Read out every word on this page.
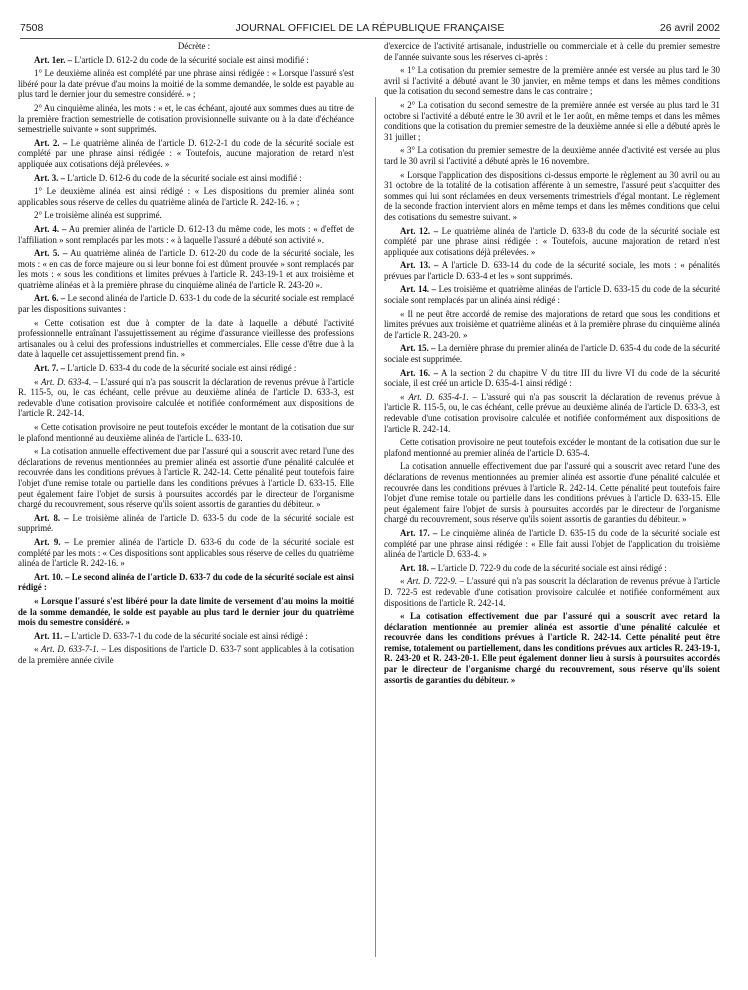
7508	JOURNAL OFFICIEL DE LA RÉPUBLIQUE FRANÇAISE	26 avril 2002

Décrète :

Art. 1er. – L'article D. 612-2 du code de la sécurité sociale est ainsi modifié :

1° Le deuxième alinéa est complété par une phrase ainsi rédigée : « Lorsque l'assuré s'est libéré pour la date prévue d'au moins la moitié de la somme demandée, le solde est payable au plus tard le dernier jour du semestre considéré. » ;

2° Au cinquième alinéa, les mots : « et, le cas échéant, ajouté aux sommes dues au titre de la première fraction semestrielle de cotisation provisionnelle suivante ou à la date d'échéance semestrielle suivante » sont supprimés.

Art. 2. – Le quatrième alinéa de l'article D. 612-2-1 du code de la sécurité sociale est complété par une phrase ainsi rédigée : « Toutefois, aucune majoration de retard n'est appliquée aux cotisations déjà prélevées. »

Art. 3. – L'article D. 612-6 du code de la sécurité sociale est ainsi modifié :

1° Le deuxième alinéa est ainsi rédigé : « Les dispositions du premier alinéa sont applicables sous réserve de celles du quatrième alinéa de l'article R. 242-16. » ;

2° Le troisième alinéa est supprimé.

Art. 4. – Au premier alinéa de l'article D. 612-13 du même code, les mots : « d'effet de l'affiliation » sont remplacés par les mots : « à laquelle l'assuré a débuté son activité ».

Art. 5. – Au quatrième alinéa de l'article D. 612-20 du code de la sécurité sociale, les mots : « en cas de force majeure ou si leur bonne foi est dûment prouvée » sont remplacés par les mots : « sous les conditions et limites prévues à l'article R. 243-19-1 et aux troisième et quatrième alinéas et à la première phrase du cinquième alinéa de l'article R. 243-20 ».

Art. 6. – Le second alinéa de l'article D. 633-1 du code de la sécurité sociale est remplacé par les dispositions suivantes :

« Cette cotisation est due à compter de la date à laquelle a débuté l'activité professionnelle entraînant l'assujettissement au régime d'assurance vieillesse des professions artisanales ou à celui des professions industrielles et commerciales. Elle cesse d'être due à la date à laquelle cet assujettissement prend fin. »

Art. 7. – L'article D. 633-4 du code de la sécurité sociale est ainsi rédigé :

« Art. D. 633-4. – L'assuré qui n'a pas souscrit la déclaration de revenus prévue à l'article R. 115-5, ou, le cas échéant, celle prévue au deuxième alinéa de l'article D. 633-3, est redevable d'une cotisation provisoire calculée et notifiée conformément aux dispositions de l'article R. 242-14.

« Cette cotisation provisoire ne peut toutefois excéder le montant de la cotisation due sur le plafond mentionné au deuxième alinéa de l'article L. 633-10.

« La cotisation annuelle effectivement due par l'assuré qui a souscrit avec retard l'une des déclarations de revenus mentionnées au premier alinéa est assortie d'une pénalité calculée et recouvrée dans les conditions prévues à l'article R. 242-14. Cette pénalité peut toutefois faire l'objet d'une remise totale ou partielle dans les conditions prévues à l'article D. 633-15. Elle peut également faire l'objet de sursis à poursuites accordés par le directeur de l'organisme chargé du recouvrement, sous réserve qu'ils soient assortis de garanties du débiteur. »

Art. 8. – Le troisième alinéa de l'article D. 633-5 du code de la sécurité sociale est supprimé.

Art. 9. – Le premier alinéa de l'article D. 633-6 du code de la sécurité sociale est complété par les mots : « Ces dispositions sont applicables sous réserve de celles du quatrième alinéa de l'article R. 242-16. »

Art. 10. – Le second alinéa de l'article D. 633-7 du code de la sécurité sociale est ainsi rédigé :

« Lorsque l'assuré s'est libéré pour la date limite de versement d'au moins la moitié de la somme demandée, le solde est payable au plus tard le dernier jour du quatrième mois du semestre considéré. »

Art. 11. – L'article D. 633-7-1 du code de la sécurité sociale est ainsi rédigé :

« Art. D. 633-7-1. – Les dispositions de l'article D. 633-7 sont applicables à la cotisation de la première année civile

d'exercice de l'activité artisanale, industrielle ou commerciale et à celle du premier semestre de l'année suivante sous les réserves ci-après :

« 1° La cotisation du premier semestre de la première année est versée au plus tard le 30 avril si l'activité a débuté avant le 30 janvier, en même temps et dans les mêmes conditions que la cotisation du second semestre dans le cas contraire ;

« 2° La cotisation du second semestre de la première année est versée au plus tard le 31 octobre si l'activité a débuté entre le 30 avril et le 1er août, en même temps et dans les mêmes conditions que la cotisation du premier semestre de la deuxième année si elle a débuté après le 31 juillet ;

« 3° La cotisation du premier semestre de la deuxième année d'activité est versée au plus tard le 30 avril si l'activité a débuté après le 16 novembre.

« Lorsque l'application des dispositions ci-dessus emporte le règlement au 30 avril ou au 31 octobre de la totalité de la cotisation afférente à un semestre, l'assuré peut s'acquitter des sommes qui lui sont réclamées en deux versements trimestriels d'égal montant. Le règlement de la seconde fraction intervient alors en même temps et dans les mêmes conditions que celui des cotisations du semestre suivant. »

Art. 12. – Le quatrième alinéa de l'article D. 633-8 du code de la sécurité sociale est complété par une phrase ainsi rédigée : « Toutefois, aucune majoration de retard n'est appliquée aux cotisations déjà prélevées. »

Art. 13. – A l'article D. 633-14 du code de la sécurité sociale, les mots : « pénalités prévues par l'article D. 633-4 et les » sont supprimés.

Art. 14. – Les troisième et quatrième alinéas de l'article D. 633-15 du code de la sécurité sociale sont remplacés par un alinéa ainsi rédigé :

« Il ne peut être accordé de remise des majorations de retard que sous les conditions et limites prévues aux troisième et quatrième alinéas et à la première phrase du cinquième alinéa de l'article R. 243-20. »

Art. 15. – La dernière phrase du premier alinéa de l'article D. 635-4 du code de la sécurité sociale est supprimée.

Art. 16. – A la section 2 du chapitre V du titre III du livre VI du code de la sécurité sociale, il est créé un article D. 635-4-1 ainsi rédigé :

« Art. D. 635-4-1. – L'assuré qui n'a pas souscrit la déclaration de revenus prévue à l'article R. 115-5, ou, le cas échéant, celle prévue au deuxième alinéa de l'article D. 633-3, est redevable d'une cotisation provisoire calculée et notifiée conformément aux dispositions de l'article R. 242-14.

Cette cotisation provisoire ne peut toutefois excéder le montant de la cotisation due sur le plafond mentionné au premier alinéa de l'article D. 635-4.

La cotisation annuelle effectivement due par l'assuré qui a souscrit avec retard l'une des déclarations de revenus mentionnées au premier alinéa est assortie d'une pénalité calculée et recouvrée dans les conditions prévues à l'article R. 242-14. Cette pénalité peut toutefois faire l'objet d'une remise totale ou partielle dans les conditions prévues à l'article D. 633-15. Elle peut également faire l'objet de sursis à poursuites accordés par le directeur de l'organisme chargé du recouvrement, sous réserve qu'ils soient assortis de garanties du débiteur. »

Art. 17. – Le cinquième alinéa de l'article D. 635-15 du code de la sécurité sociale est complété par une phrase ainsi rédigée : « Elle fait aussi l'objet de l'application du troisième alinéa de l'article D. 633-4. »

Art. 18. – L'article D. 722-9 du code de la sécurité sociale est ainsi rédigé :

« Art. D. 722-9. – L'assuré qui n'a pas souscrit la déclaration de revenus prévue à l'article D. 722-5 est redevable d'une cotisation provisoire calculée et notifiée conformément aux dispositions de l'article R. 242-14.

« La cotisation effectivement due par l'assuré qui a souscrit avec retard la déclaration mentionnée au premier alinéa est assortie d'une pénalité calculée et recouvrée dans les conditions prévues à l'article R. 242-14. Cette pénalité peut être remise, totalement ou partiellement, dans les conditions prévues aux articles R. 243-19-1, R. 243-20 et R. 243-20-1. Elle peut également donner lieu à sursis à poursuites accordés par le directeur de l'organisme chargé du recouvrement, sous réserve qu'ils soient assortis de garanties du débiteur. »
